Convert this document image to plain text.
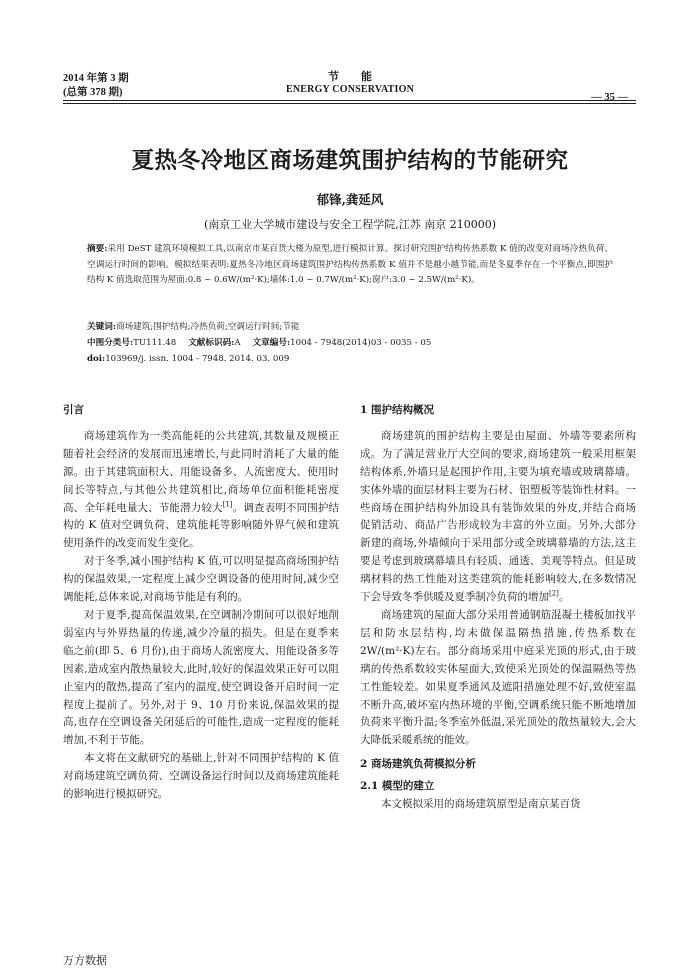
2014 年第 3 期
(总第 378 期)
节　　能
ENERGY CONSERVATION
— 35 —
夏热冬冷地区商场建筑围护结构的节能研究
郁锋,龚延风
(南京工业大学城市建设与安全工程学院,江苏 南京 210000)
摘要:采用 DeST 建筑环境模拟工具,以南京市某百货大楼为原型,进行模拟计算。探讨研究围护结构传热系数 K 值的改变对商场冷热负荷、空调运行时间的影响。模拟结果表明:夏热冬冷地区商场建筑围护结构传热系数 K 值并不是越小越节能,而是冬夏季存在一个平衡点,即围护结构 K 值选取范围为屋面:0.8 ~ 0.6W/(m²·K);墙体:1.0 ~ 0.7W/(m²·K);窗户:3.0 ~ 2.5W/(m²·K)。
关键词:商场建筑;围护结构;冷热负荷;空调运行时间;节能
中图分类号:TU111.48 文献标识码:A 文章编号:1004 - 7948(2014)03 - 0035 - 05
doi:103969/j. issn. 1004 - 7948. 2014. 03. 009

引言

商场建筑作为一类高能耗的公共建筑,其数量及规模正随着社会经济的发展而迅速增长,与此同时消耗了大量的能源。由于其建筑面积大、用能设备多、人流密度大、使用时间长等特点,与其他公共建筑相比,商场单位面积能耗密度高、全年耗电量大、节能潜力较大[1]。调查表明不同围护结构的 K 值对空调负荷、建筑能耗等影响随外界气候和建筑使用条件的改变而发生变化。

对于冬季,减小围护结构 K 值,可以明显提高商场围护结构的保温效果,一定程度上减少空调设备的使用时间,减少空调能耗,总体来说,对商场节能是有利的。

对于夏季,提高保温效果,在空调制冷期间可以很好地削弱室内与外界热量的传递,减少冷量的损失。但是在夏季来临之前(即 5、6 月份),由于商场人流密度大、用能设备多等因素,造成室内散热量较大,此时,较好的保温效果正好可以阻止室内的散热,提高了室内的温度,使空调设备开启时间一定程度上提前了。另外,对于 9、10 月份来说,保温效果的提高,也存在空调设备关闭延后的可能性,造成一定程度的能耗增加,不利于节能。

本文将在文献研究的基础上,针对不同围护结构的 K 值对商场建筑空调负荷、空调设备运行时间以及商场建筑能耗的影响进行模拟研究。

1 围护结构概况

商场建筑的围护结构主要是由屋面、外墙等要素所构成。为了满足营业厅大空间的要求,商场建筑一般采用框架结构体系,外墙只是起围护作用,主要为填充墙或玻璃幕墙。实体外墙的面层材料主要为石材、铝塑板等装饰性材料。一些商场在围护结构外加设具有装饰效果的外皮,并结合商场促销活动、商品广告形成较为丰富的外立面。另外,大部分新建的商场,外墙倾向于采用部分或全玻璃幕墙的方法,这主要是考虑到玻璃幕墙具有轻质、通透、美观等特点。但是玻璃材料的热工性能对这类建筑的能耗影响较大,在多数情况下会导致冬季供暖及夏季制冷负荷的增加[2]。

商场建筑的屋面大部分采用普通钢筋混凝土楼板加找平层和防水层结构,均未做保温隔热措施,传热系数在 2W/(m²·K)左右。部分商场采用中庭采光顶的形式,由于玻璃的传热系数较实体屋面大,致使采光顶处的保温隔热等热工性能较差。如果夏季通风及遮阳措施处理不好,致使室温不断升高,破坏室内热环境的平衡,空调系统只能不断地增加负荷来平衡升温;冬季室外低温,采光顶处的散热量较大,会大大降低采暖系统的能效。

2 商场建筑负荷模拟分析

2.1 模型的建立

本文模拟采用的商场建筑原型是南京某百货

万方数据
